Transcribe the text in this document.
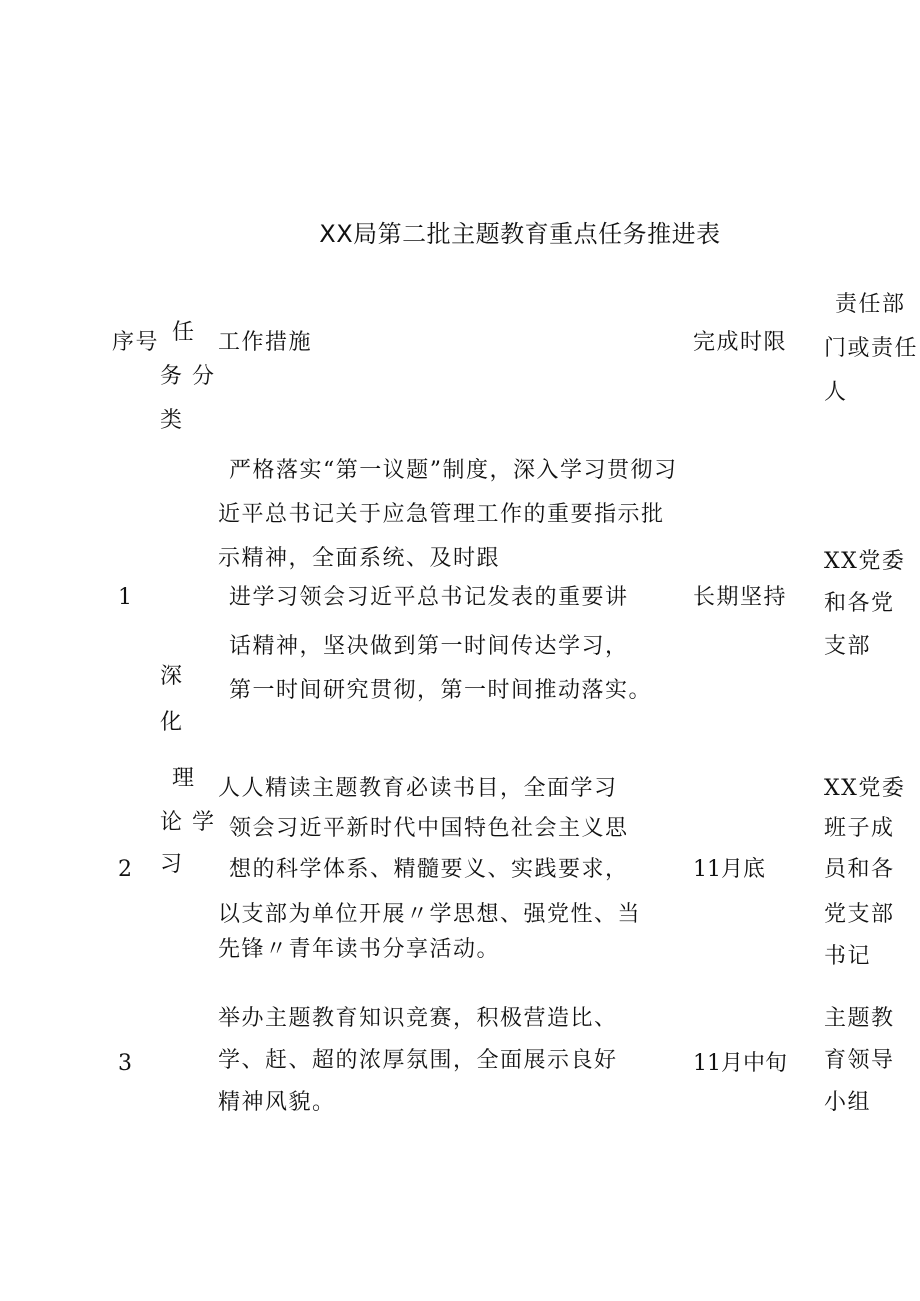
XX局第二批主题教育重点任务推进表
序号 任
务 分
类
工作措施	完成时限
责任部
门或责任
人
深
化
理
论 学
习
1
严格落实“第一议题”制度，深入学习贯彻习
近平总书记关于应急管理工作的重要指示批
示精神，全面系统、及时跟
进学习领会习近平总书记发表的重要讲
话精神，坚决做到第一时间传达学习，
第一时间研究贯彻，第一时间推动落实。
长期坚持
XX党委
和各党
支部
2
人人精读主题教育必读书目，全面学习
领会习近平新时代中国特色社会主义思
想的科学体系、精髓要义、实践要求，
以支部为单位开展〃学思想、强党性、当
先锋〃青年读书分享活动。
11月底
XX党委
班子成
员和各
党支部
书记
3
举办主题教育知识竞赛，积极营造比、
学、赶、超的浓厚氛围，全面展示良好
精神风貌。
11月中旬
主题教
育领导
小组
